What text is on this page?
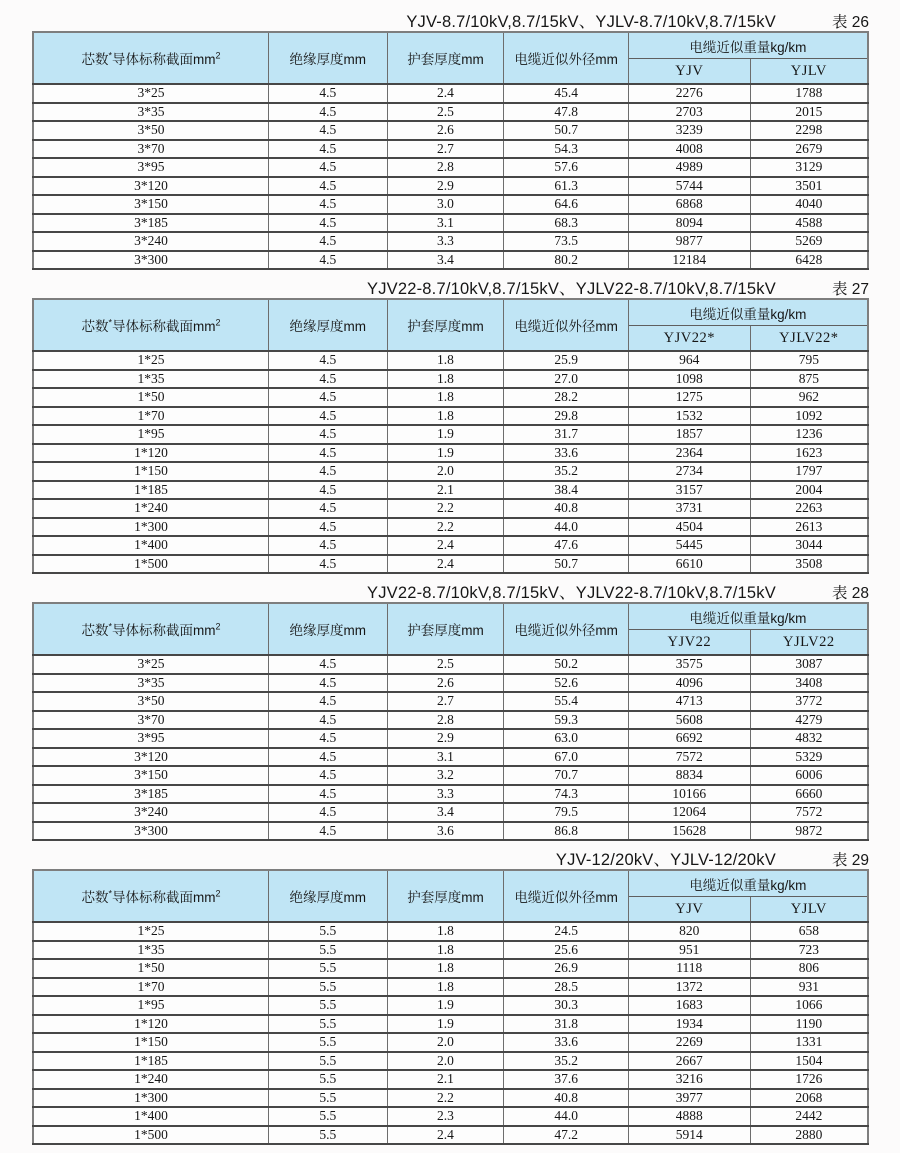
YJV-8.7/10kV,8.7/15kV、YJLV-8.7/10kV,8.7/15kV	表 26
芯数*导体标称截面$mm^2$	绝缘厚度mm	护套厚度mm	电缆近似外径mm	电缆近似重量kg/km	
				YJV	YJLV
3*25	4.5	2.4	45.4	2276	1788
3*35	4.5	2.5	47.8	2703	2015
3*50	4.5	2.6	50.7	3239	2298
3*70	4.5	2.7	54.3	4008	2679
3*95	4.5	2.8	57.6	4989	3129
3*120	4.5	2.9	61.3	5744	3501
3*150	4.5	3.0	64.6	6868	4040
3*185	4.5	3.1	68.3	8094	4588
3*240	4.5	3.3	73.5	9877	5269
3*300	4.5	3.4	80.2	12184	6428
YJV22-8.7/10kV,8.7/15kV、YJLV22-8.7/10kV,8.7/15kV	表 27
芯数*导体标称截面$mm^2$	绝缘厚度mm	护套厚度mm	电缆近似外径mm	电缆近似重量kg/km	
				YJV22*	YJLV22*
1*25	4.5	1.8	25.9	964	795
1*35	4.5	1.8	27.0	1098	875
1*50	4.5	1.8	28.2	1275	962
1*70	4.5	1.8	29.8	1532	1092
1*95	4.5	1.9	31.7	1857	1236
1*120	4.5	1.9	33.6	2364	1623
1*150	4.5	2.0	35.2	2734	1797
1*185	4.5	2.1	38.4	3157	2004
1*240	4.5	2.2	40.8	3731	2263
1*300	4.5	2.2	44.0	4504	2613
1*400	4.5	2.4	47.6	5445	3044
1*500	4.5	2.4	50.7	6610	3508
YJV22-8.7/10kV,8.7/15kV、YJLV22-8.7/10kV,8.7/15kV	表 28
芯数*导体标称截面$mm^2$	绝缘厚度mm	护套厚度mm	电缆近似外径mm	电缆近似重量kg/km	
				YJV22	YJLV22
3*25	4.5	2.5	50.2	3575	3087
3*35	4.5	2.6	52.6	4096	3408
3*50	4.5	2.7	55.4	4713	3772
3*70	4.5	2.8	59.3	5608	4279
3*95	4.5	2.9	63.0	6692	4832
3*120	4.5	3.1	67.0	7572	5329
3*150	4.5	3.2	70.7	8834	6006
3*185	4.5	3.3	74.3	10166	6660
3*240	4.5	3.4	79.5	12064	7572
3*300	4.5	3.6	86.8	15628	9872
YJV-12/20kV、YJLV-12/20kV	表 29
芯数*导体标称截面$mm^2$	绝缘厚度mm	护套厚度mm	电缆近似外径mm	电缆近似重量kg/km	
				YJV	YJLV
1*25	5.5	1.8	24.5	820	658
1*35	5.5	1.8	25.6	951	723
1*50	5.5	1.8	26.9	1118	806
1*70	5.5	1.8	28.5	1372	931
1*95	5.5	1.9	30.3	1683	1066
1*120	5.5	1.9	31.8	1934	1190
1*150	5.5	2.0	33.6	2269	1331
1*185	5.5	2.0	35.2	2667	1504
1*240	5.5	2.1	37.6	3216	1726
1*300	5.5	2.2	40.8	3977	2068
1*400	5.5	2.3	44.0	4888	2442
1*500	5.5	2.4	47.2	5914	2880
